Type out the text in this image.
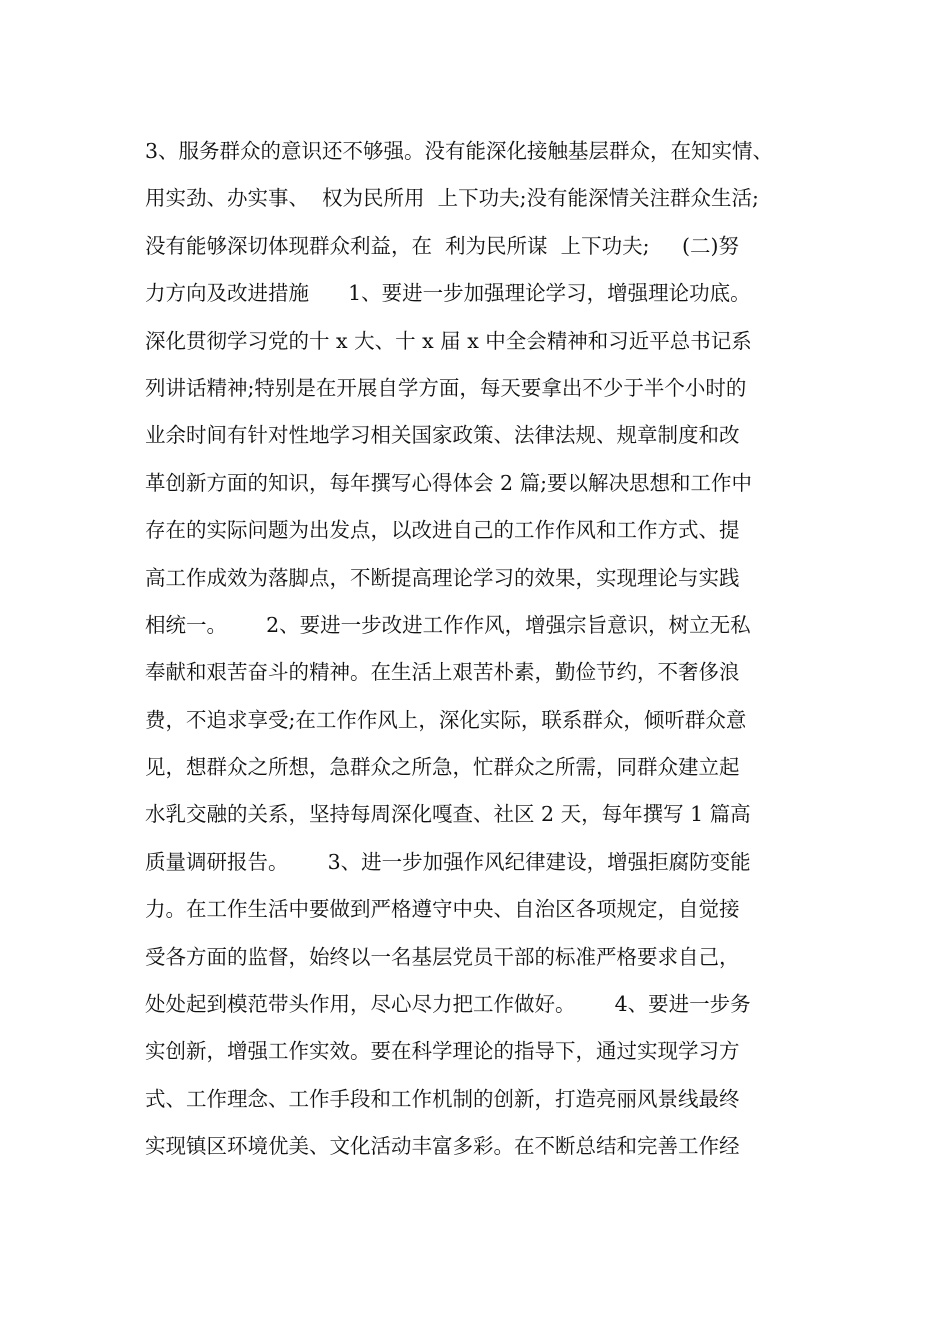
3、服务群众的意识还不够强。没有能深化接触基层群众，在知实情、
用实劲、办实事、  权为民所用  上下功夫;没有能深情关注群众生活;
没有能够深切体现群众利益，在  利为民所谋  上下功夫;     (二)努
力方向及改进措施      1、要进一步加强理论学习，增强理论功底。
深化贯彻学习党的十 x 大、十 x 届 x 中全会精神和习近平总书记系
列讲话精神;特别是在开展自学方面，每天要拿出不少于半个小时的
业余时间有针对性地学习相关国家政策、法律法规、规章制度和改
革创新方面的知识，每年撰写心得体会 2 篇;要以解决思想和工作中
存在的实际问题为出发点，以改进自己的工作作风和工作方式、提
高工作成效为落脚点，不断提高理论学习的效果，实现理论与实践
相统一。      2、要进一步改进工作作风，增强宗旨意识，树立无私
奉献和艰苦奋斗的精神。在生活上艰苦朴素，勤俭节约，不奢侈浪
费，不追求享受;在工作作风上，深化实际，联系群众，倾听群众意
见，想群众之所想，急群众之所急，忙群众之所需，同群众建立起
水乳交融的关系，坚持每周深化嘎查、社区 2 天，每年撰写 1 篇高
质量调研报告。      3、进一步加强作风纪律建设，增强拒腐防变能
力。在工作生活中要做到严格遵守中央、自治区各项规定，自觉接
受各方面的监督，始终以一名基层党员干部的标准严格要求自己，
处处起到模范带头作用，尽心尽力把工作做好。      4、要进一步务
实创新，增强工作实效。要在科学理论的指导下，通过实现学习方
式、工作理念、工作手段和工作机制的创新，打造亮丽风景线最终
实现镇区环境优美、文化活动丰富多彩。在不断总结和完善工作经
